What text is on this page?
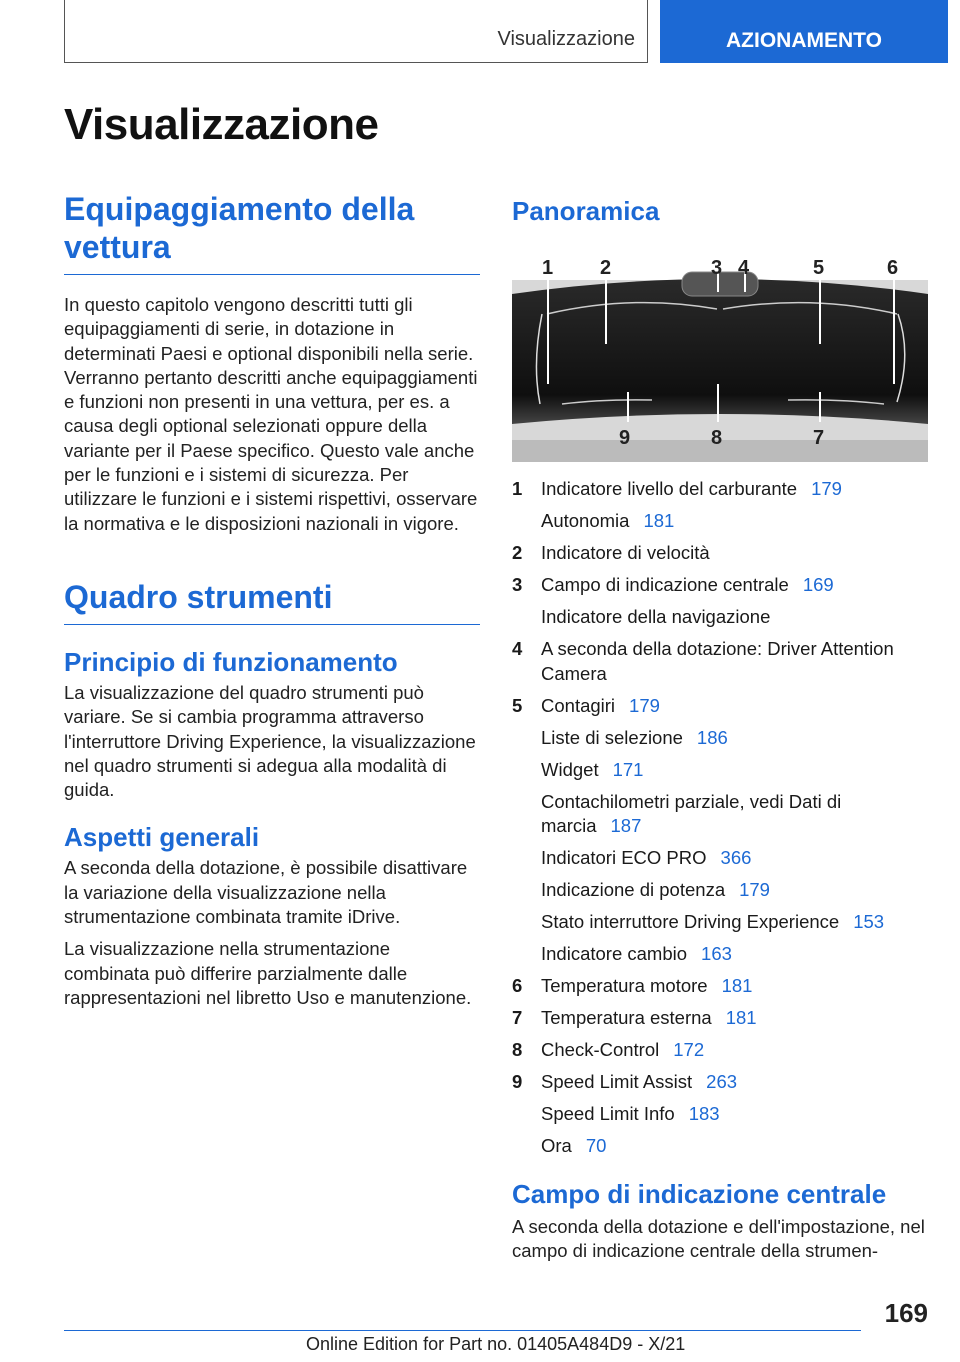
Visualizzazione	AZIONAMENTO
Visualizzazione
Equipaggiamento della vettura

In questo capitolo vengono descritti tutti gli equipaggiamenti di serie, in dotazione in determinati Paesi e optional disponibili nella serie. Verranno pertanto descritti anche equipaggiamenti e funzioni non presenti in una vettura, per es. a causa degli optional selezionati oppure della variante per il Paese specifico. Questo vale anche per le funzioni e i sistemi di sicurezza. Per utilizzare le funzioni e i sistemi rispettivi, osservare la normativa e le disposizioni nazionali in vigore.

Quadro strumenti
Principio di funzionamento

La visualizzazione del quadro strumenti può variare. Se si cambia programma attraverso l'interruttore Driving Experience, la visualizzazione nel quadro strumenti si adegua alla modalità di guida.

Aspetti generali

A seconda della dotazione, è possibile disattivare la variazione della visualizzazione nella strumentazione combinata tramite iDrive.

La visualizzazione nella strumentazione combinata può differire parzialmente dalle rappresentazioni nel libretto Uso e manutenzione.

Panoramica
1 2	3 4	5	6
9	8	7
1	Indicatore livello del carburante 179
Autonomia 181
2	Indicatore di velocità
3	Campo di indicazione centrale 169
Indicatore della navigazione
4	A seconda della dotazione: Driver Attention Camera
5	Contagiri 179
Liste di selezione 186
Widget 171
Contachilometri parziale, vedi Dati di marcia 187
Indicatori ECO PRO 366
Indicazione di potenza 179
Stato interruttore Driving Experience 153
Indicatore cambio 163
6	Temperatura motore 181
7	Temperatura esterna 181
8	Check-Control 172
9	Speed Limit Assist 263
Speed Limit Info 183
Ora 70
Campo di indicazione centrale

A seconda della dotazione e dell'impostazione, nel campo di indicazione centrale della strumen-

169
Online Edition for Part no. 01405A484D9 - X/21
